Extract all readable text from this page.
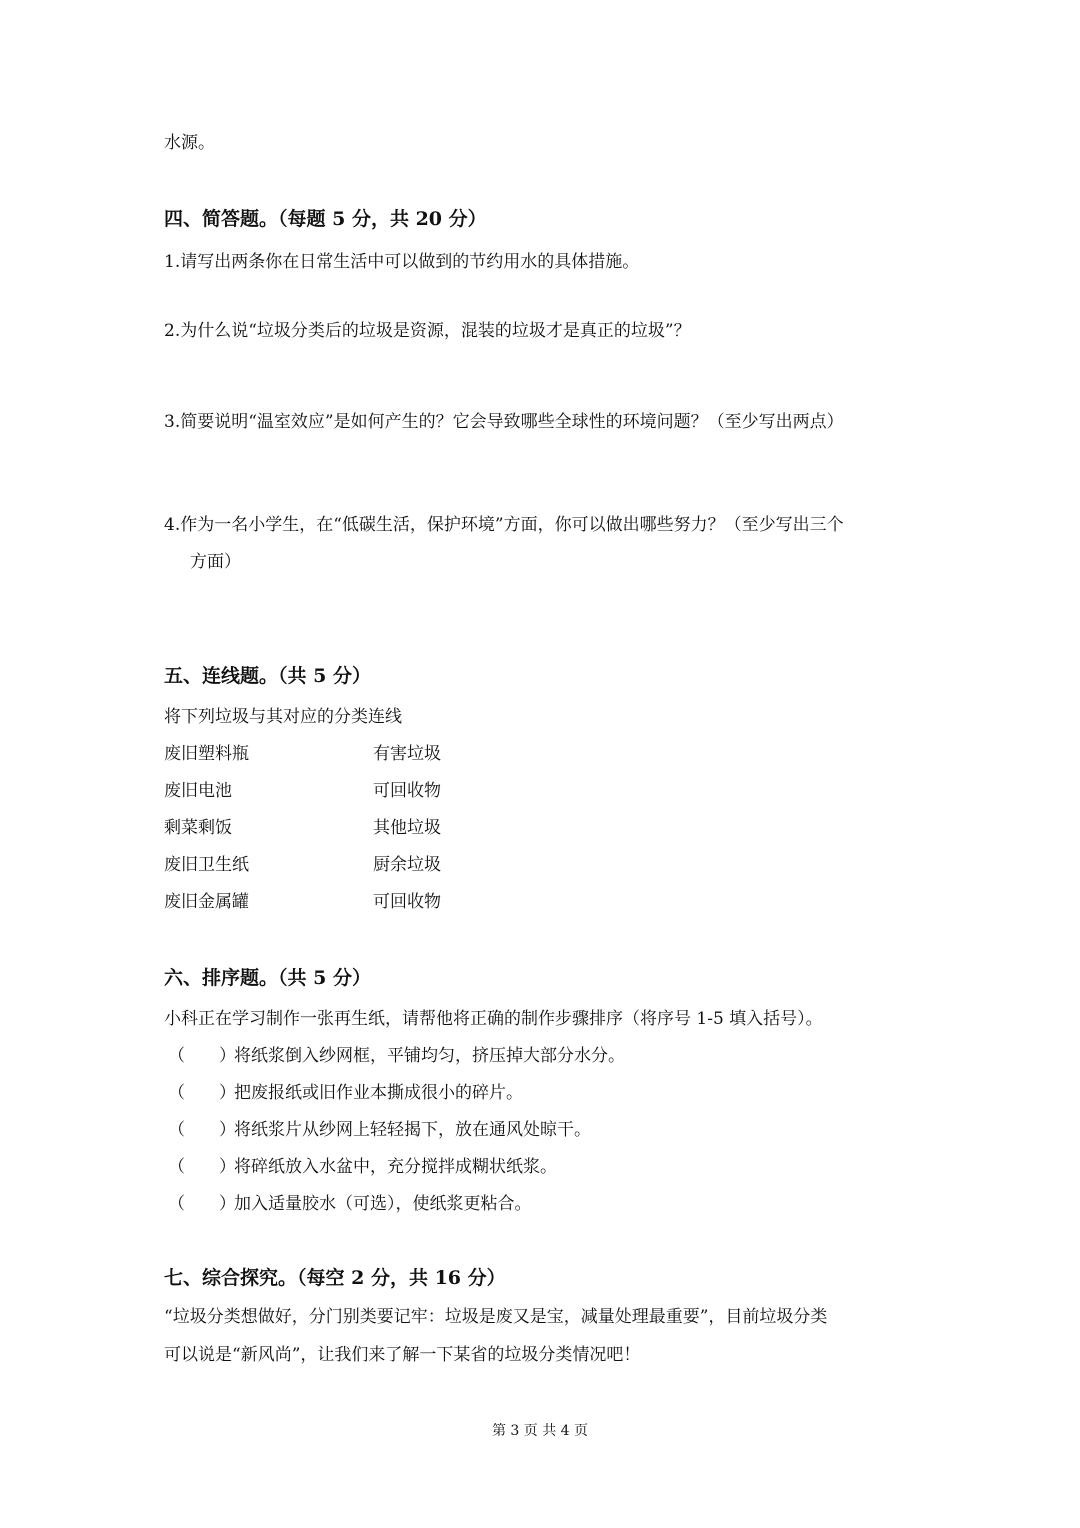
水源。
四、简答题。（每题 5 分，共 20 分）
1.请写出两条你在日常生活中可以做到的节约用水的具体措施。
2.为什么说“垃圾分类后的垃圾是资源，混装的垃圾才是真正的垃圾”？
3.简要说明“温室效应”是如何产生的？它会导致哪些全球性的环境问题？（至少写出两点）
4.作为一名小学生，在“低碳生活，保护环境”方面，你可以做出哪些努力？（至少写出三个
方面）
五、连线题。（共 5 分）
将下列垃圾与其对应的分类连线
废旧塑料瓶	有害垃圾
废旧电池	可回收物
剩菜剩饭	其他垃圾
废旧卫生纸	厨余垃圾
废旧金属罐	可回收物
六、排序题。（共 5 分）
小科正在学习制作一张再生纸，请帮他将正确的制作步骤排序（将序号 1-5 填入括号）。
（　　）将纸浆倒入纱网框，平铺均匀，挤压掉大部分水分。
（　　）把废报纸或旧作业本撕成很小的碎片。
（　　）将纸浆片从纱网上轻轻揭下，放在通风处晾干。
（　　）将碎纸放入水盆中，充分搅拌成糊状纸浆。
（　　）加入适量胶水（可选），使纸浆更粘合。
七、综合探究。（每空 2 分，共 16 分）
“垃圾分类想做好，分门别类要记牢：垃圾是废又是宝，减量处理最重要”，目前垃圾分类
可以说是“新风尚”，让我们来了解一下某省的垃圾分类情况吧！
第 3 页 共 4 页
